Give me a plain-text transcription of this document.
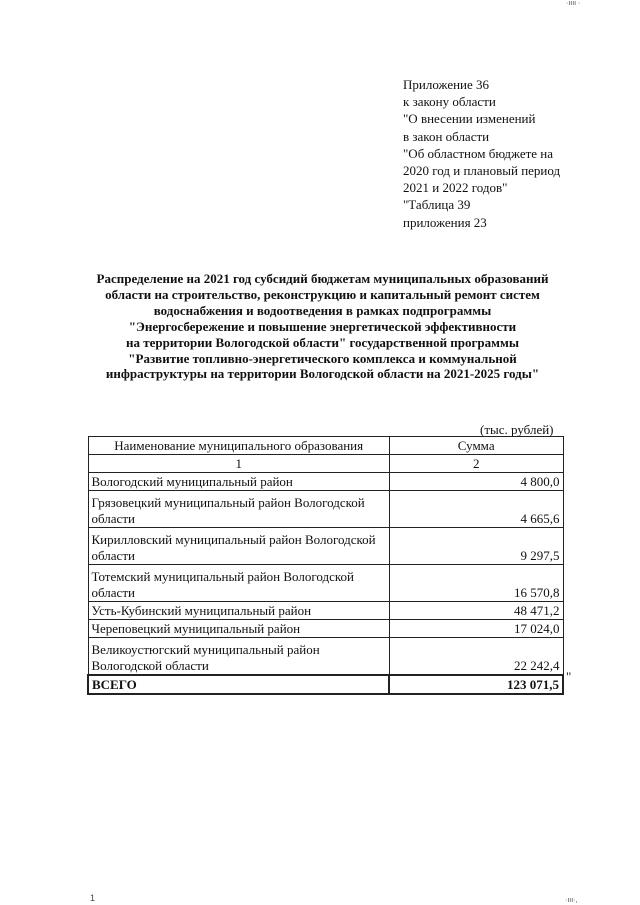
·ıııı ·
Приложение 36
к закону области
"О внесении изменений
в закон области
"Об областном бюджете на
2020 год и плановый период
2021 и 2022 годов"
"Таблица 39
приложения 23
Распределение на 2021 год субсидий бюджетам муниципальных образований
области на строительство, реконструкцию и капитальный ремонт систем
водоснабжения и водоотведения в рамках подпрограммы
"Энергосбережение и повышение энергетической эффективности
на территории Вологодской области" государственной программы
"Развитие топливно-энергетического комплекса и коммунальной
инфраструктуры на территории Вологодской области на 2021-2025 годы"
(тыс. рублей)
Наименование муниципального образования	Сумма
1	2
Вологодский муниципальный район	4 800,0
Грязовецкий муниципальный район Вологодской области	4 665,6
Кирилловский муниципальный район Вологодской области	9 297,5
Тотемский муниципальный район Вологодской области	16 570,8
Усть-Кубинский муниципальный район	48 471,2
Череповецкий муниципальный район	17 024,0
Великоустюгский муниципальный район Вологодской области	22 242,4
ВСЕГО	123 071,5
"
1	·ııı·,
